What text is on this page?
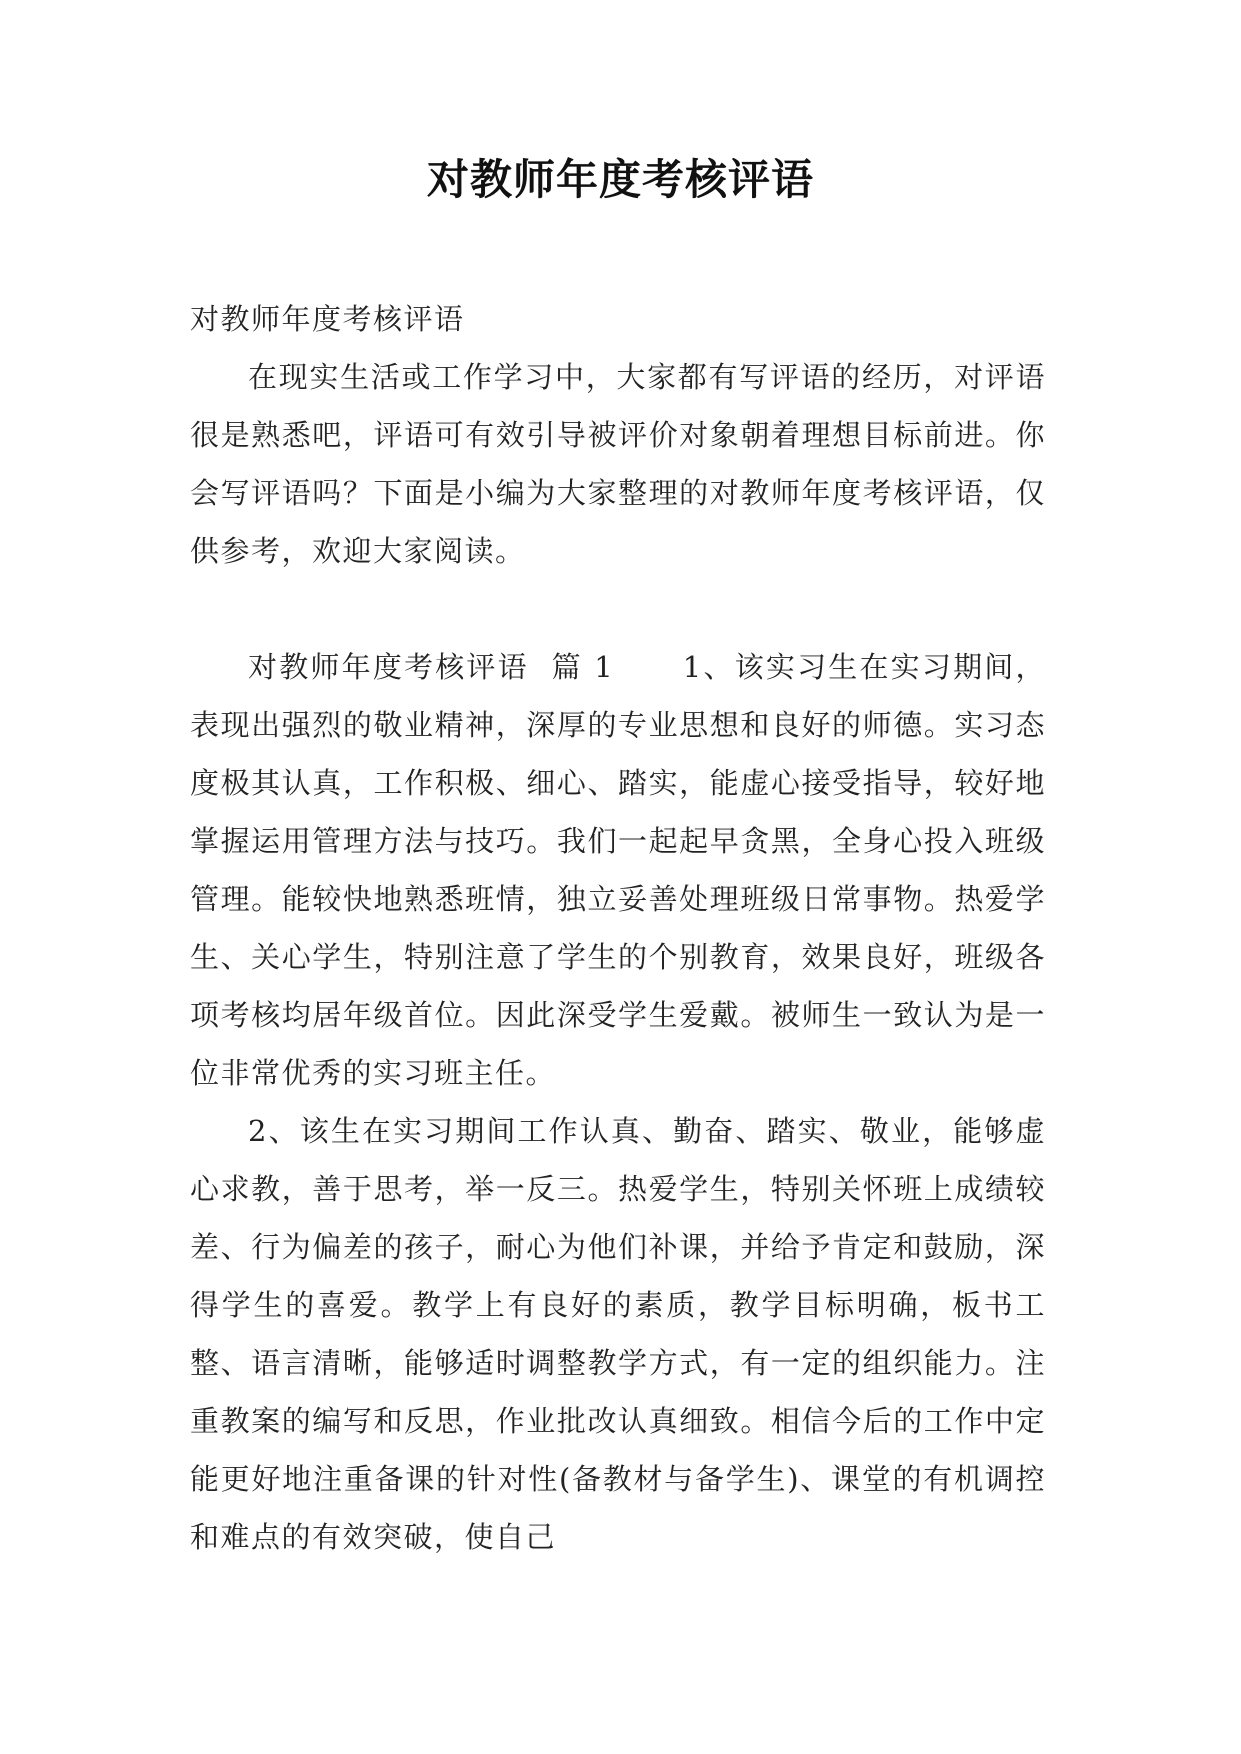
对教师年度考核评语

对教师年度考核评语

在现实生活或工作学习中，大家都有写评语的经历，对评语很是熟悉吧，评语可有效引导被评价对象朝着理想目标前进。你会写评语吗？下面是小编为大家整理的对教师年度考核评语，仅供参考，欢迎大家阅读。

对教师年度考核评语  篇 1      1、该实习生在实习期间，表现出强烈的敬业精神，深厚的专业思想和良好的师德。实习态度极其认真，工作积极、细心、踏实，能虚心接受指导，较好地掌握运用管理方法与技巧。我们一起起早贪黑，全身心投入班级管理。能较快地熟悉班情，独立妥善处理班级日常事物。热爱学生、关心学生，特别注意了学生的个别教育，效果良好，班级各项考核均居年级首位。因此深受学生爱戴。被师生一致认为是一位非常优秀的实习班主任。

2、该生在实习期间工作认真、勤奋、踏实、敬业，能够虚心求教，善于思考，举一反三。热爱学生，特别关怀班上成绩较差、行为偏差的孩子，耐心为他们补课，并给予肯定和鼓励，深得学生的喜爱。教学上有良好的素质，教学目标明确，板书工整、语言清晰，能够适时调整教学方式，有一定的组织能力。注重教案的编写和反思，作业批改认真细致。相信今后的工作中定能更好地注重备课的针对性(备教材与备学生)、课堂的有机调控和难点的有效突破，使自己
